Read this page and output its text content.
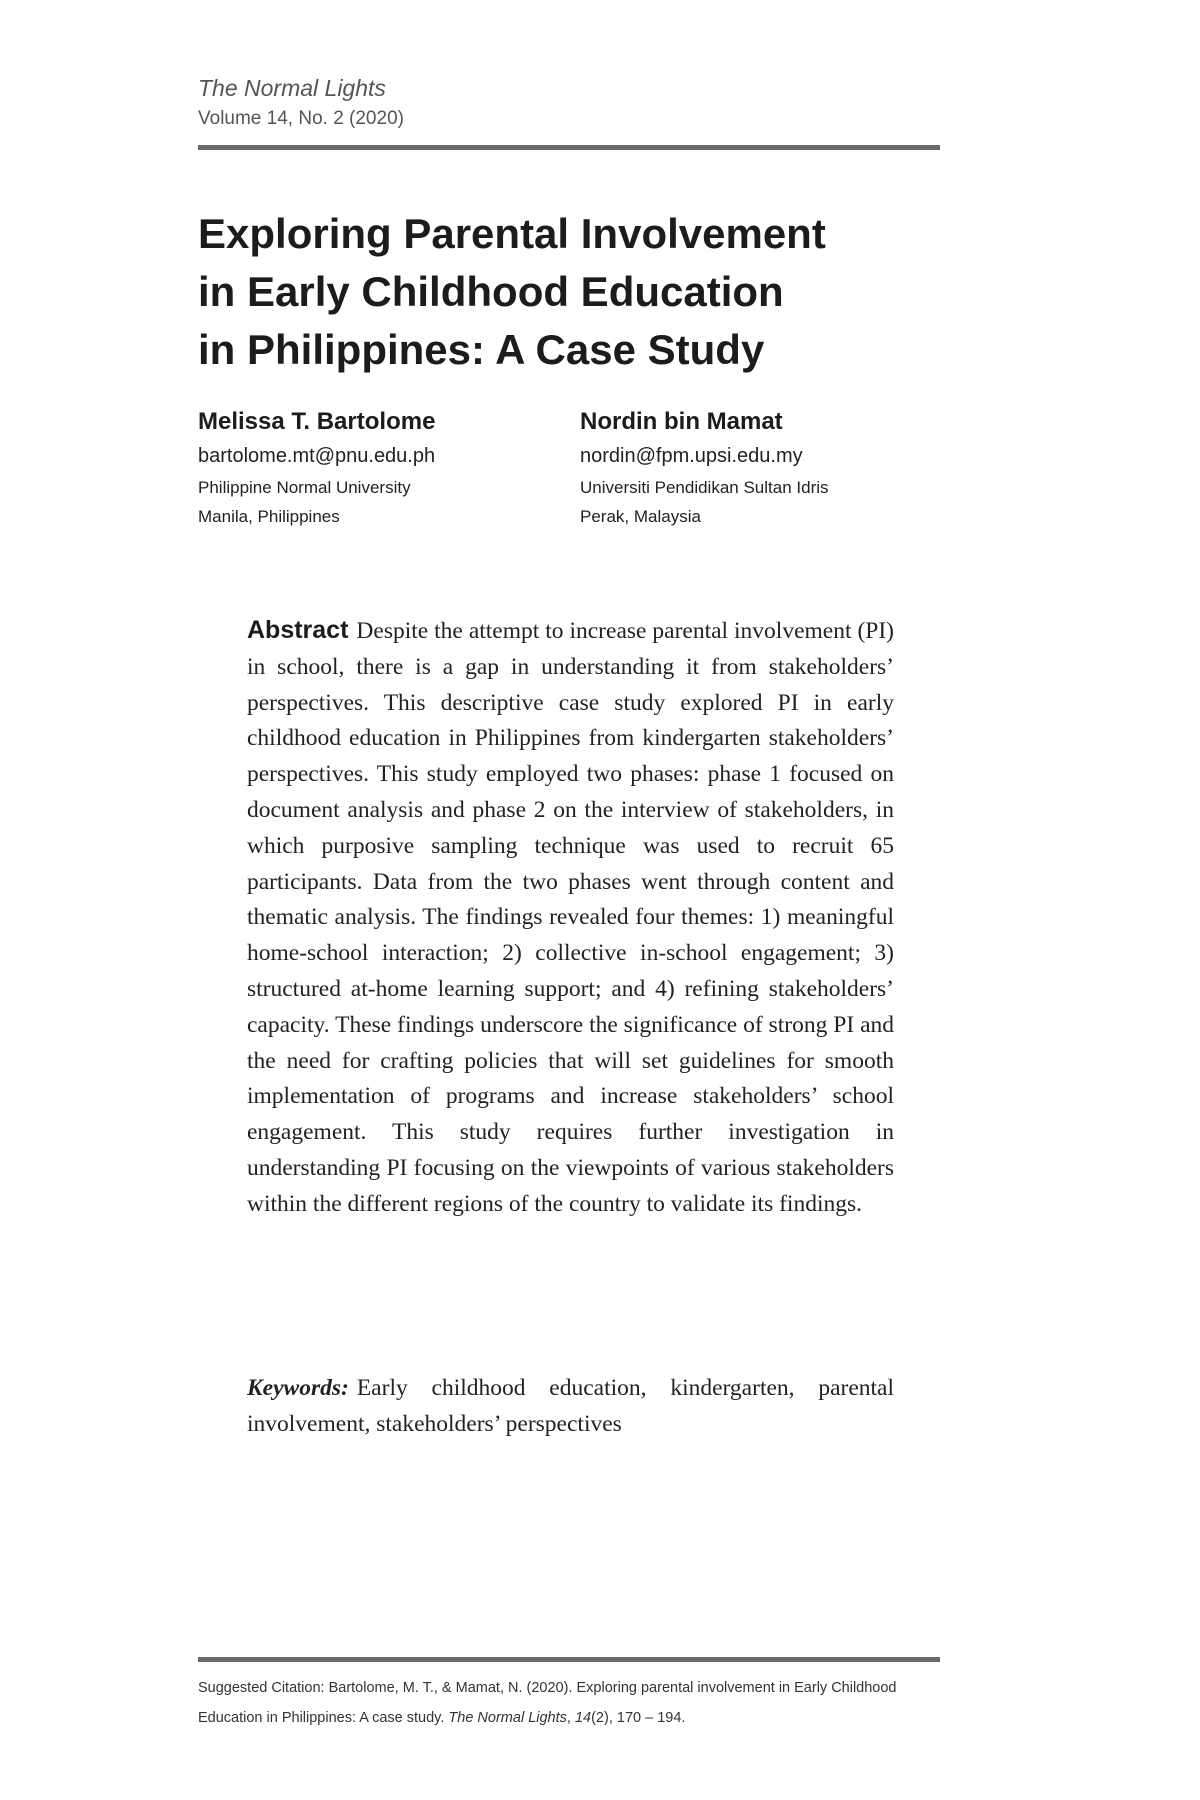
The Normal Lights
Volume 14, No. 2 (2020)
Exploring Parental Involvement
in Early Childhood Education
in Philippines: A Case Study
Melissa T. Bartolome
bartolome.mt@pnu.edu.ph
Philippine Normal University
Manila, Philippines
Nordin bin Mamat
nordin@fpm.upsi.edu.my
Universiti Pendidikan Sultan Idris
Perak, Malaysia

Abstract Despite the attempt to increase parental involvement (PI) in school, there is a gap in understanding it from stakeholders’ perspectives. This descriptive case study explored PI in early childhood education in Philippines from kindergarten stakeholders’ perspectives. This study employed two phases: phase 1 focused on document analysis and phase 2 on the interview of stakeholders, in which purposive sampling technique was used to recruit 65 participants. Data from the two phases went through content and thematic analysis. The findings revealed four themes: 1) meaningful home-school interaction; 2) collective in-school engagement; 3) structured at-home learning support; and 4) refining stakeholders’ capacity. These findings underscore the significance of strong PI and the need for crafting policies that will set guidelines for smooth implementation of programs and increase stakeholders’ school engagement. This study requires further investigation in understanding PI focusing on the viewpoints of various stakeholders within the different regions of the country to validate its findings.

Keywords: Early childhood education, kindergarten, parental involvement, stakeholders’ perspectives

Suggested Citation: Bartolome, M. T., & Mamat, N. (2020). Exploring parental involvement in Early Childhood Education in Philippines: A case study. The Normal Lights, 14(2), 170 – 194.
